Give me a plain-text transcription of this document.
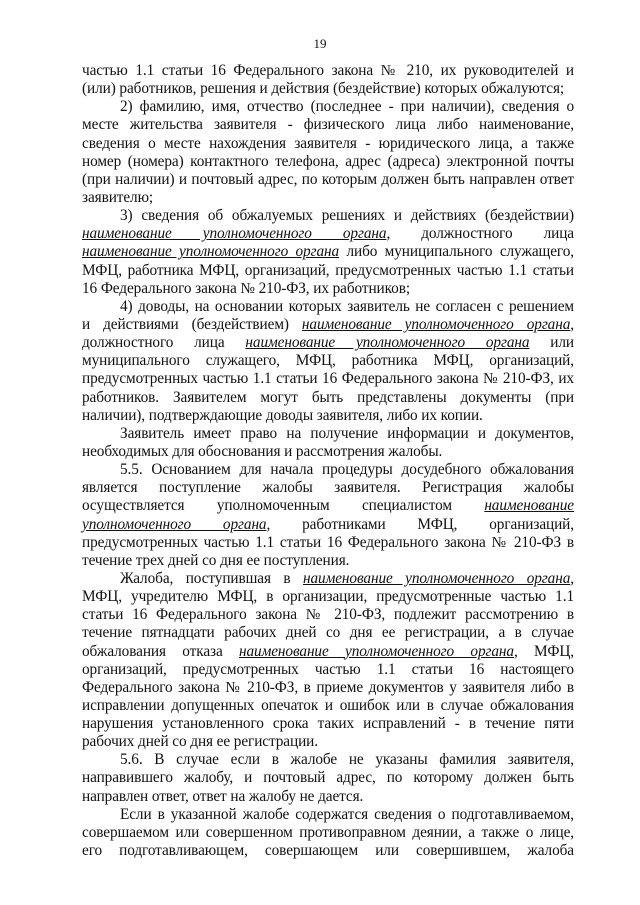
19
частью 1.1 статьи 16 Федерального закона № 210, их руководителей и
(или) работников, решения и действия (бездействие) которых обжалуются;
2) фамилию, имя, отчество (последнее - при наличии), сведения о
месте жительства заявителя - физического лица либо наименование,
сведения о месте нахождения заявителя - юридического лица, а также
номер (номера) контактного телефона, адрес (адреса) электронной почты
(при наличии) и почтовый адрес, по которым должен быть направлен ответ
заявителю;
3) сведения об обжалуемых решениях и действиях (бездействии)
наименование уполномоченного органа, должностного лица
наименование уполномоченного органа либо муниципального служащего,
МФЦ, работника МФЦ, организаций, предусмотренных частью 1.1 статьи
16 Федерального закона № 210-ФЗ, их работников;
4) доводы, на основании которых заявитель не согласен с решением
и действиями (бездействием) наименование уполномоченного органа,
должностного лица наименование уполномоченного органа или
муниципального служащего, МФЦ, работника МФЦ, организаций,
предусмотренных частью 1.1 статьи 16 Федерального закона № 210-ФЗ, их
работников. Заявителем могут быть представлены документы (при
наличии), подтверждающие доводы заявителя, либо их копии.
Заявитель имеет право на получение информации и документов,
необходимых для обоснования и рассмотрения жалобы.
5.5. Основанием для начала процедуры досудебного обжалования
является поступление жалобы заявителя. Регистрация жалобы
осуществляется уполномоченным специалистом наименование
уполномоченного органа, работниками МФЦ, организаций,
предусмотренных частью 1.1 статьи 16 Федерального закона № 210-ФЗ в
течение трех дней со дня ее поступления.
Жалоба, поступившая в наименование уполномоченного органа,
МФЦ, учредителю МФЦ, в организации, предусмотренные частью 1.1
статьи 16 Федерального закона № 210-ФЗ, подлежит рассмотрению в
течение пятнадцати рабочих дней со дня ее регистрации, а в случае
обжалования отказа наименование уполномоченного органа, МФЦ,
организаций, предусмотренных частью 1.1 статьи 16 настоящего
Федерального закона № 210-ФЗ, в приеме документов у заявителя либо в
исправлении допущенных опечаток и ошибок или в случае обжалования
нарушения установленного срока таких исправлений - в течение пяти
рабочих дней со дня ее регистрации.
5.6. В случае если в жалобе не указаны фамилия заявителя,
направившего жалобу, и почтовый адрес, по которому должен быть
направлен ответ, ответ на жалобу не дается.
Если в указанной жалобе содержатся сведения о подготавливаемом,
совершаемом или совершенном противоправном деянии, а также о лице,
его подготавливающем, совершающем или совершившем, жалоба
